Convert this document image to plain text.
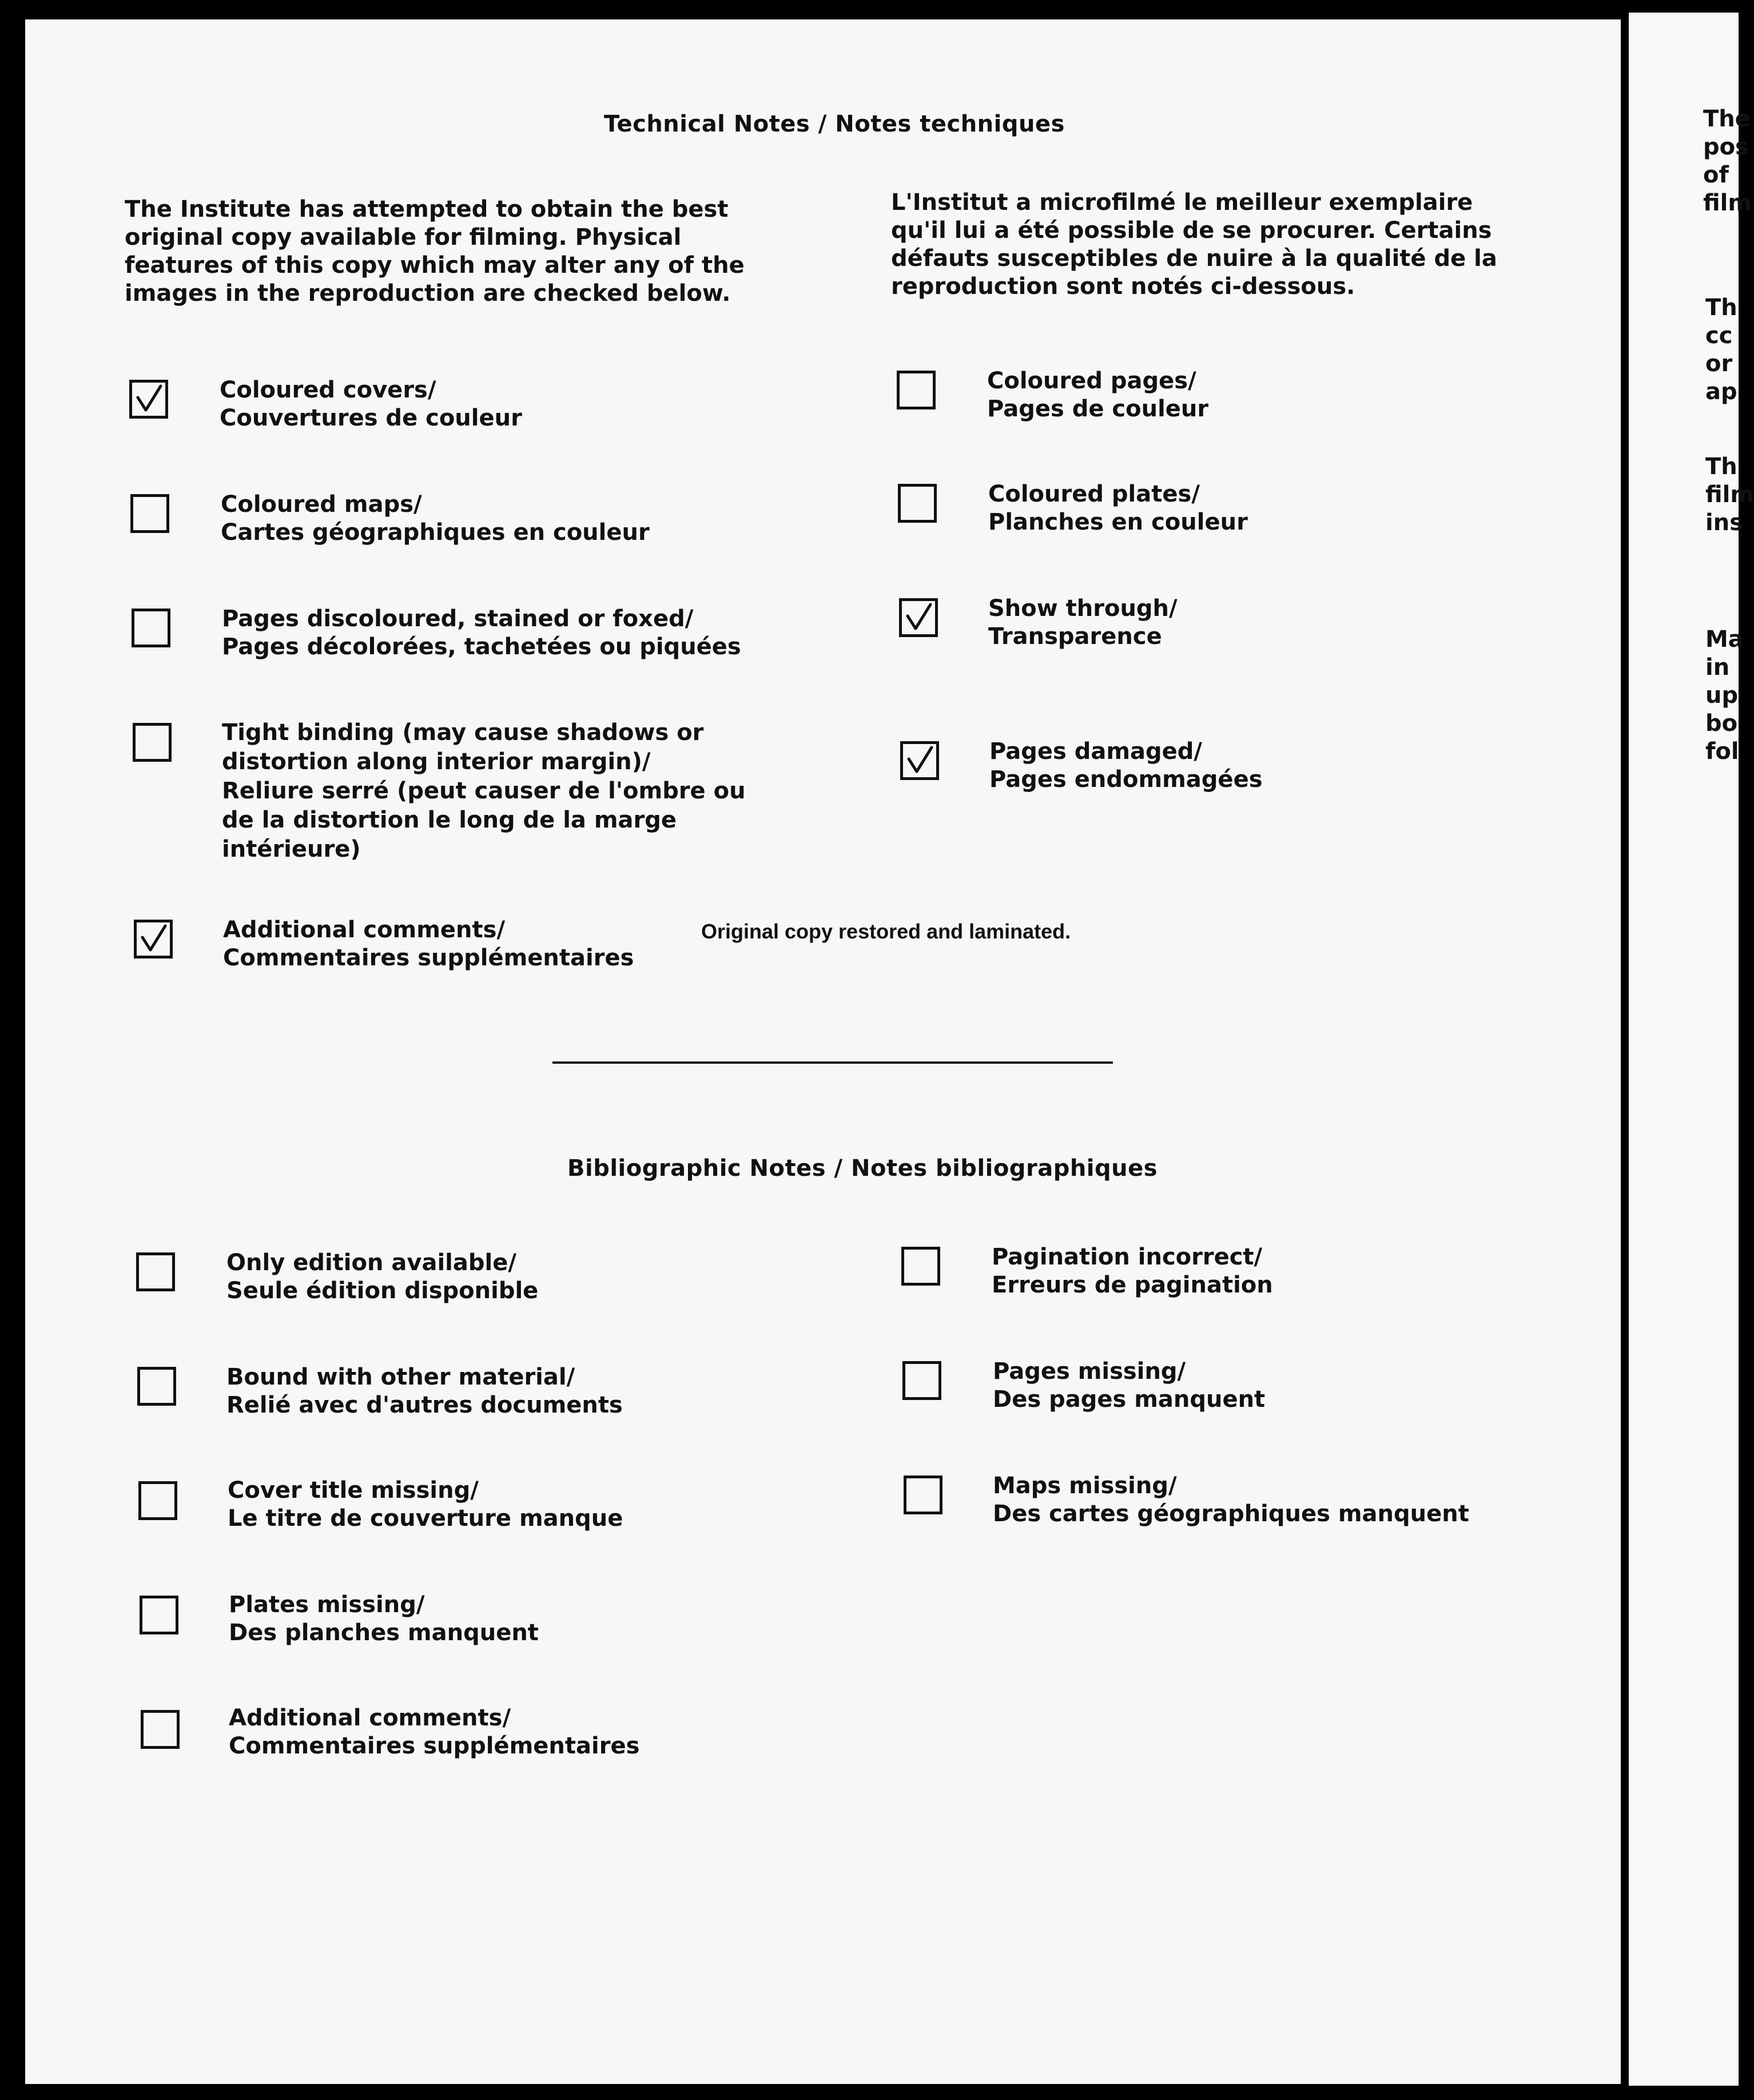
Technical Notes / Notes techniques
The Institute has attempted to obtain the best
original copy available for filming. Physical
features of this copy which may alter any of the
images in the reproduction are checked below.
L'Institut a microfilmé le meilleur exemplaire
qu'il lui a été possible de se procurer. Certains
défauts susceptibles de nuire à la qualité de la
reproduction sont notés ci-dessous.
Coloured covers/
Couvertures de couleur
Coloured maps/
Cartes géographiques en couleur
Pages discoloured, stained or foxed/
Pages décolorées, tachetées ou piquées
Tight binding (may cause shadows or
distortion along interior margin)/
Reliure serré (peut causer de l'ombre ou
de la distortion le long de la marge
intérieure)
Additional comments/
Commentaires supplémentaires
Original copy restored and laminated.
Coloured pages/
Pages de couleur
Coloured plates/
Planches en couleur
Show through/
Transparence
Pages damaged/
Pages endommagées
Bibliographic Notes / Notes bibliographiques
Only edition available/
Seule édition disponible
Bound with other material/
Relié avec d'autres documents
Cover title missing/
Le titre de couverture manque
Plates missing/
Des planches manquent
Additional comments/
Commentaires supplémentaires
Pagination incorrect/
Erreurs de pagination
Pages missing/
Des pages manquent
Maps missing/
Des cartes géographiques manquent
The
pos
of
film
Th
cc
or
ap
Th
film
ins
Ma
in
up
bo
fol
